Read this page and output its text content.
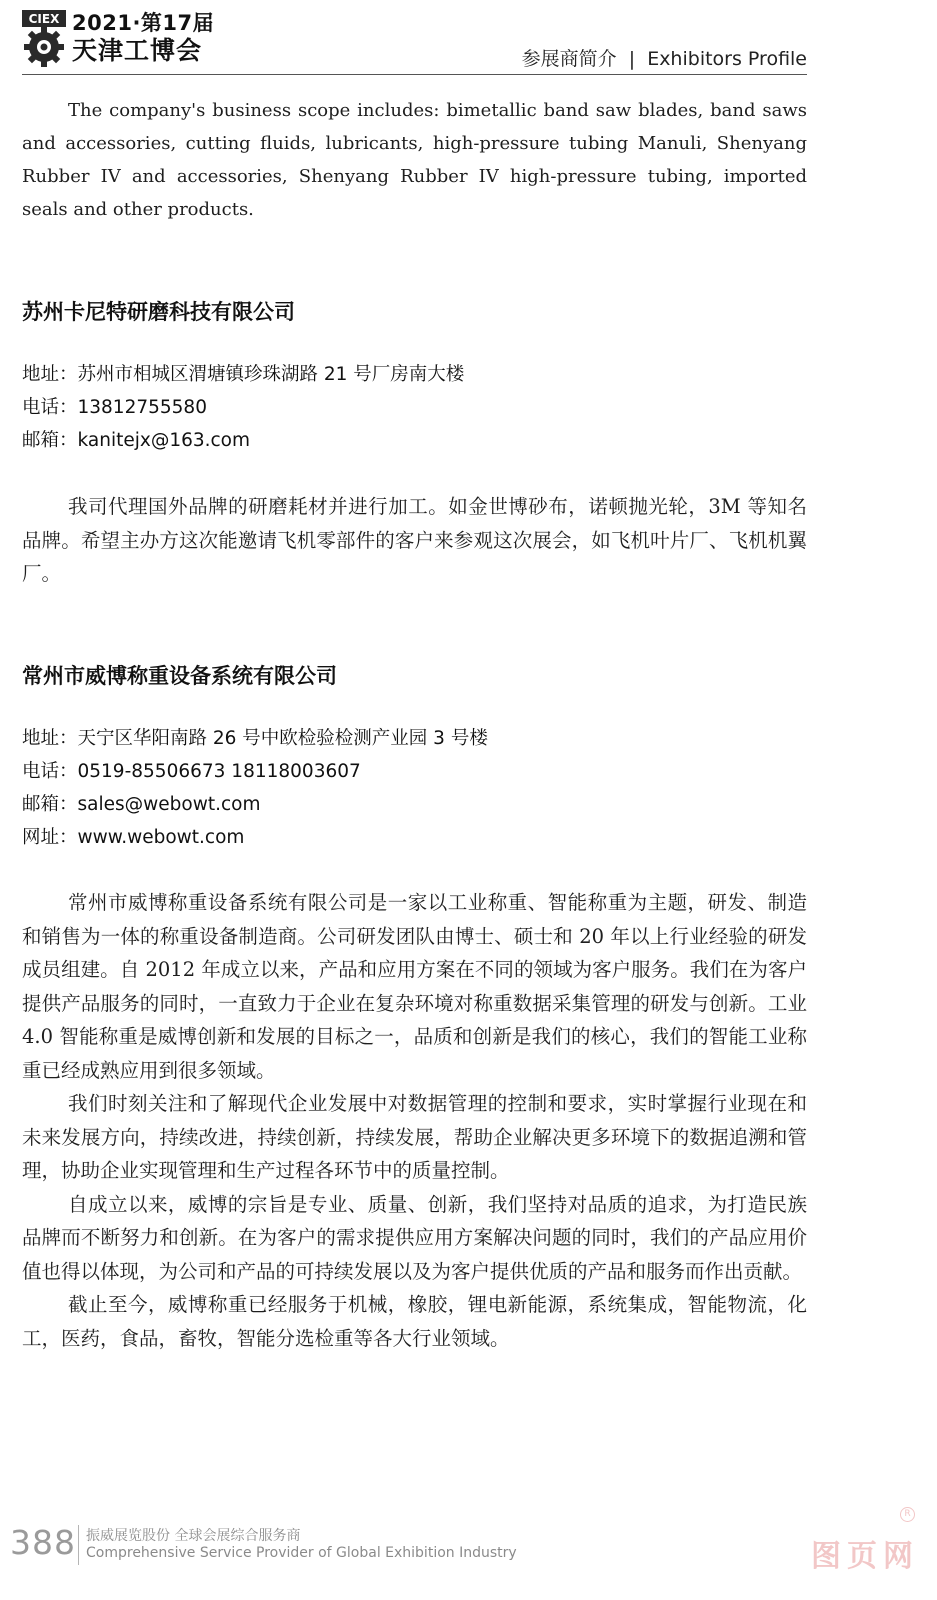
CIEX 2021·第17届
天津工博会	参展商简介 | Exhibitors Profile

The company's business scope includes: bimetallic band saw blades, band saws and accessories, cutting fluids, lubricants, high-pressure tubing Manuli, Shenyang Rubber IV and accessories, Shenyang Rubber IV high-pressure tubing, imported seals and other products.

苏州卡尼特研磨科技有限公司
地址：苏州市相城区渭塘镇珍珠湖路 21 号厂房南大楼
电话：13812755580
邮箱：kanitejx@163.com

我司代理国外品牌的研磨耗材并进行加工。如金世博砂布，诺顿抛光轮，3M 等知名品牌。希望主办方这次能邀请飞机零部件的客户来参观这次展会，如飞机叶片厂、飞机机翼厂。

常州市威博称重设备系统有限公司
地址：天宁区华阳南路 26 号中欧检验检测产业园 3 号楼
电话：0519-85506673 18118003607
邮箱：sales@webowt.com
网址：www.webowt.com

常州市威博称重设备系统有限公司是一家以工业称重、智能称重为主题，研发、制造和销售为一体的称重设备制造商。公司研发团队由博士、硕士和 20 年以上行业经验的研发成员组建。自 2012 年成立以来，产品和应用方案在不同的领域为客户服务。我们在为客户提供产品服务的同时，一直致力于企业在复杂环境对称重数据采集管理的研发与创新。工业 4.0 智能称重是威博创新和发展的目标之一，品质和创新是我们的核心，我们的智能工业称重已经成熟应用到很多领域。

我们时刻关注和了解现代企业发展中对数据管理的控制和要求，实时掌握行业现在和未来发展方向，持续改进，持续创新，持续发展，帮助企业解决更多环境下的数据追溯和管理，协助企业实现管理和生产过程各环节中的质量控制。

自成立以来，威博的宗旨是专业、质量、创新，我们坚持对品质的追求，为打造民族品牌而不断努力和创新。在为客户的需求提供应用方案解决问题的同时，我们的产品应用价值也得以体现，为公司和产品的可持续发展以及为客户提供优质的产品和服务而作出贡献。

截止至今，威博称重已经服务于机械，橡胶，锂电新能源，系统集成，智能物流，化工，医药，食品，畜牧，智能分选检重等各大行业领域。

388 振威展览股份 全球会展综合服务商
Comprehensive Service Provider of Global Exhibition Industry	图页网
R
